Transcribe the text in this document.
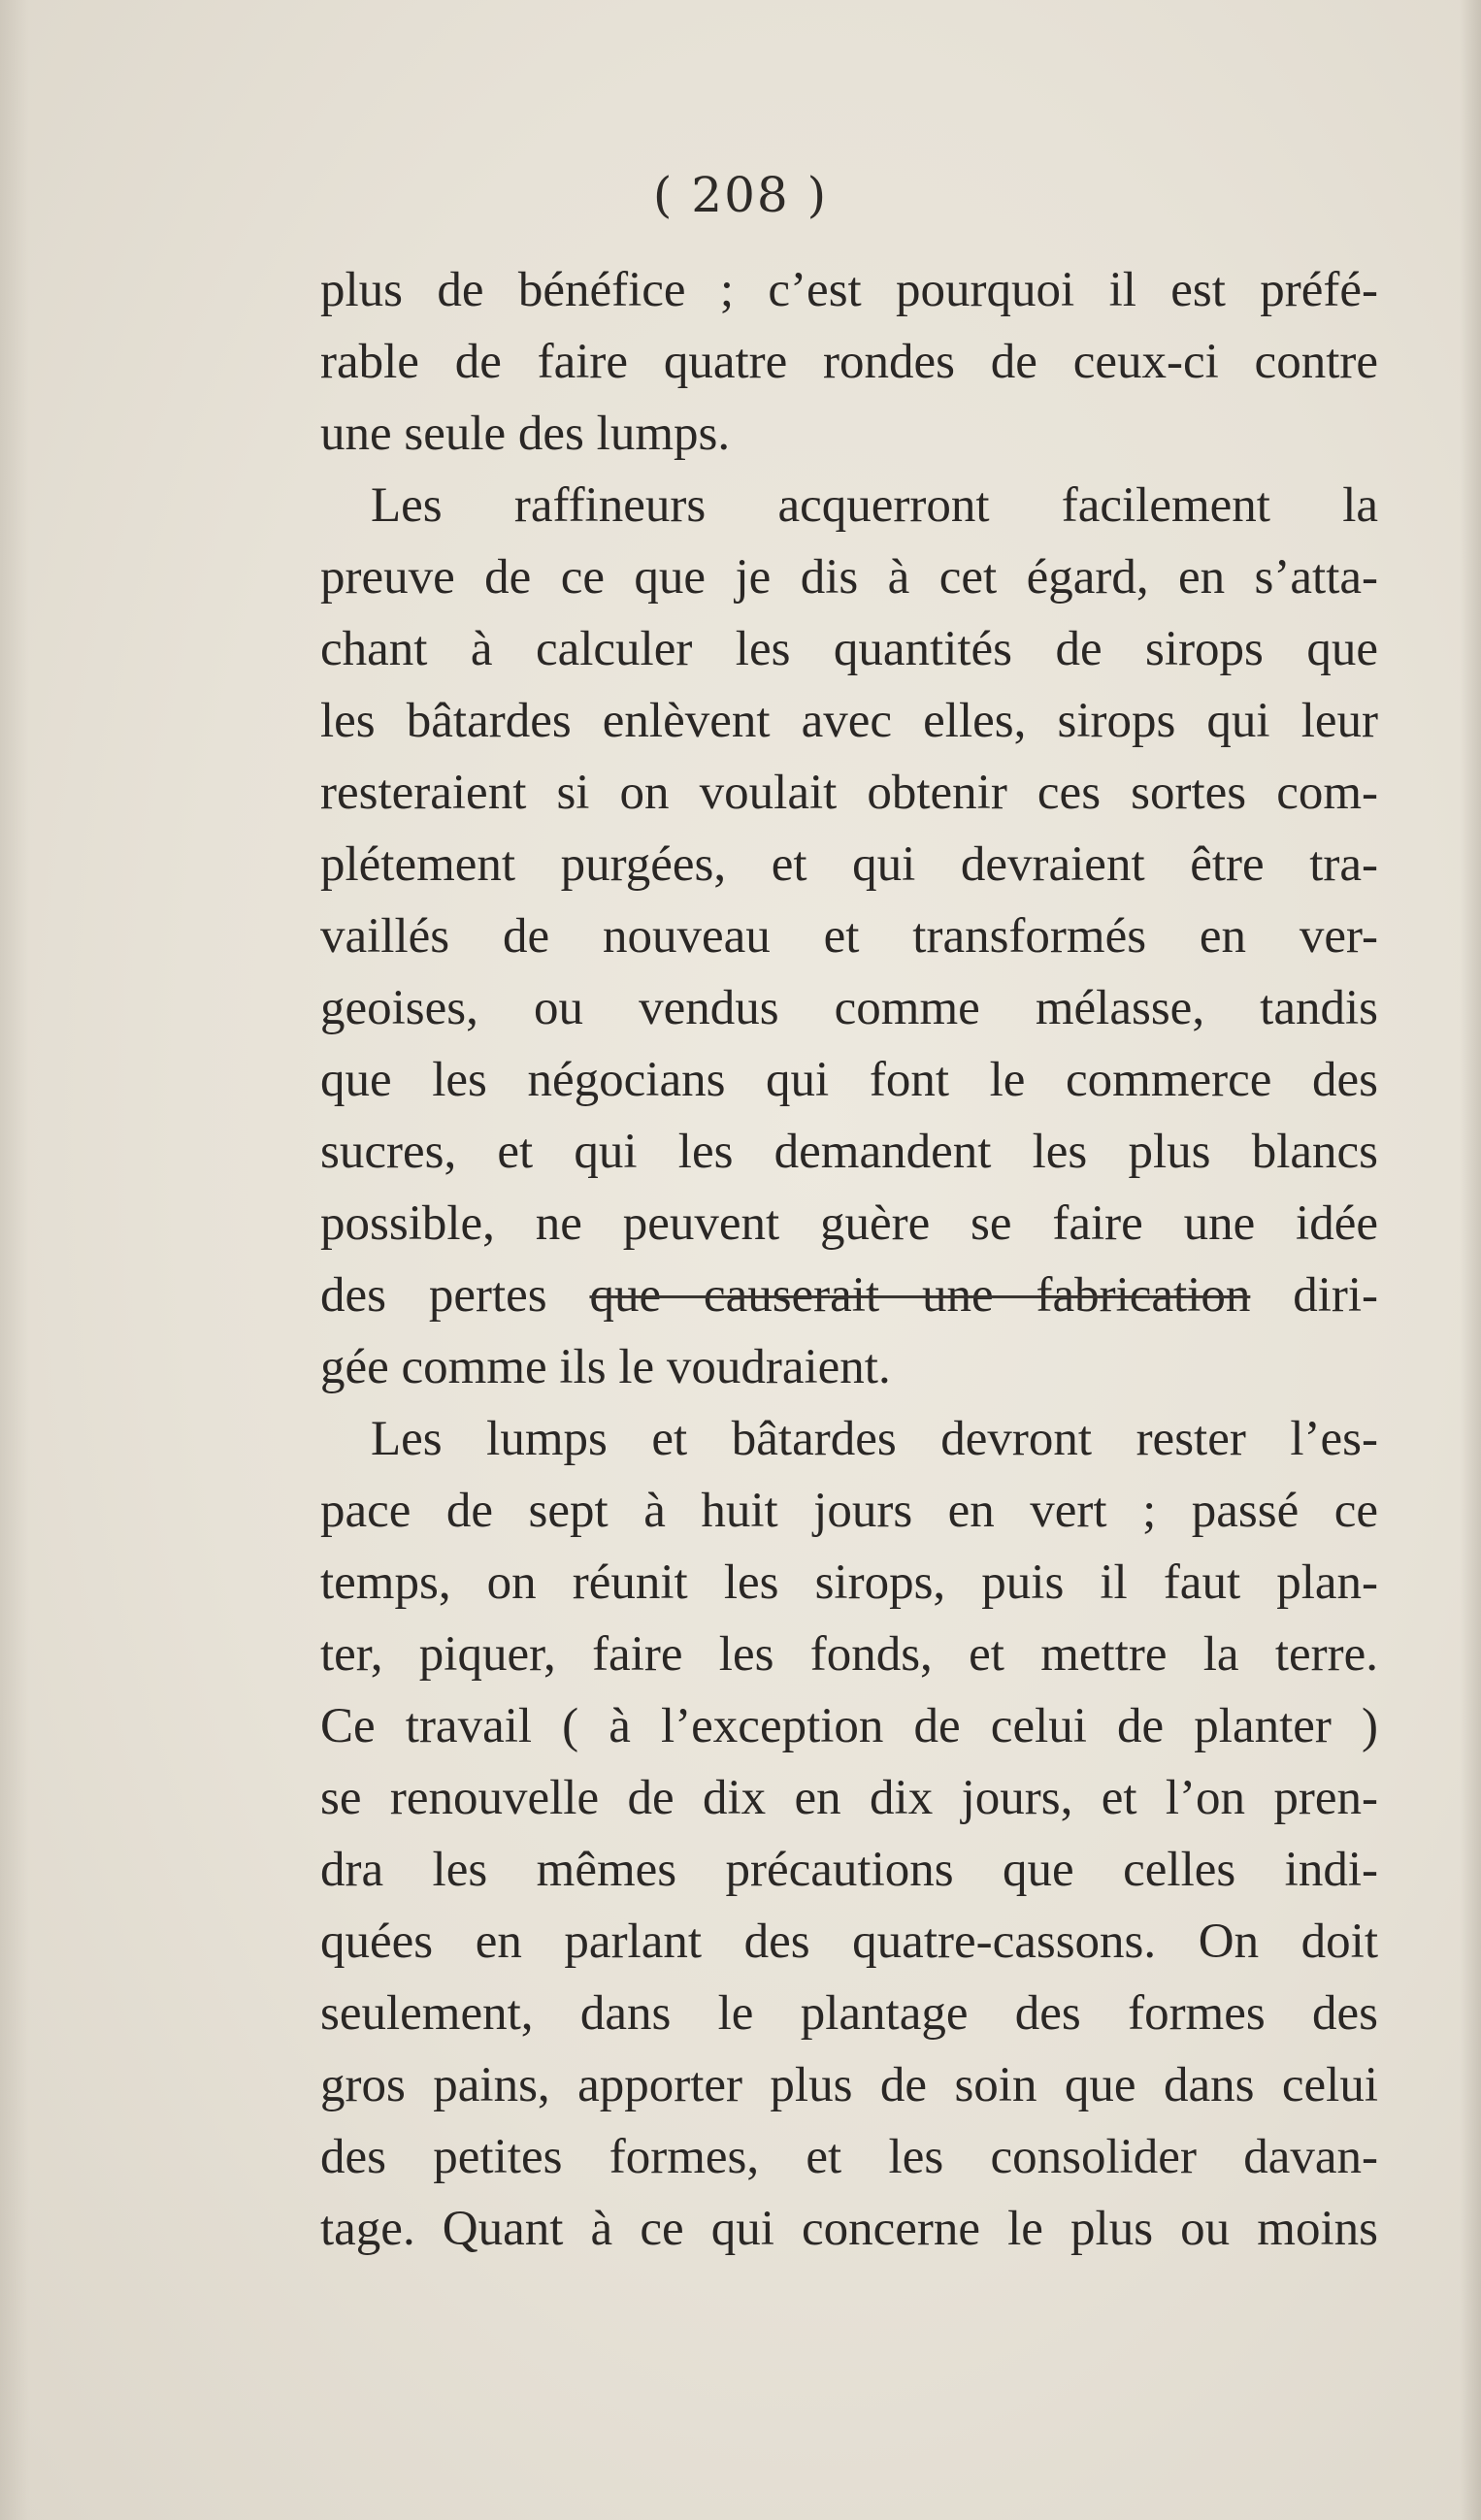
( 208 )
plus de bénéfice ; c’est pourquoi il est préfé-
rable de faire quatre rondes de ceux-ci contre
une seule des lumps.
Les raffineurs acquerront facilement la
preuve de ce que je dis à cet égard, en s’atta-
chant à calculer les quantités de sirops que
les bâtardes enlèvent avec elles, sirops qui leur
resteraient si on voulait obtenir ces sortes com-
plétement purgées, et qui devraient être tra-
vaillés de nouveau et transformés en ver-
geoises, ou vendus comme mélasse, tandis
que les négocians qui font le commerce des
sucres, et qui les demandent les plus blancs
possible, ne peuvent guère se faire une idée
des pertes que causerait une fabrication diri-
gée comme ils le voudraient.
Les lumps et bâtardes devront rester l’es-
pace de sept à huit jours en vert ; passé ce
temps, on réunit les sirops, puis il faut plan-
ter, piquer, faire les fonds, et mettre la terre.
Ce travail ( à l’exception de celui de planter )
se renouvelle de dix en dix jours, et l’on pren-
dra les mêmes précautions que celles indi-
quées en parlant des quatre-cassons. On doit
seulement, dans le plantage des formes des
gros pains, apporter plus de soin que dans celui
des petites formes, et les consolider davan-
tage. Quant à ce qui concerne le plus ou moins
